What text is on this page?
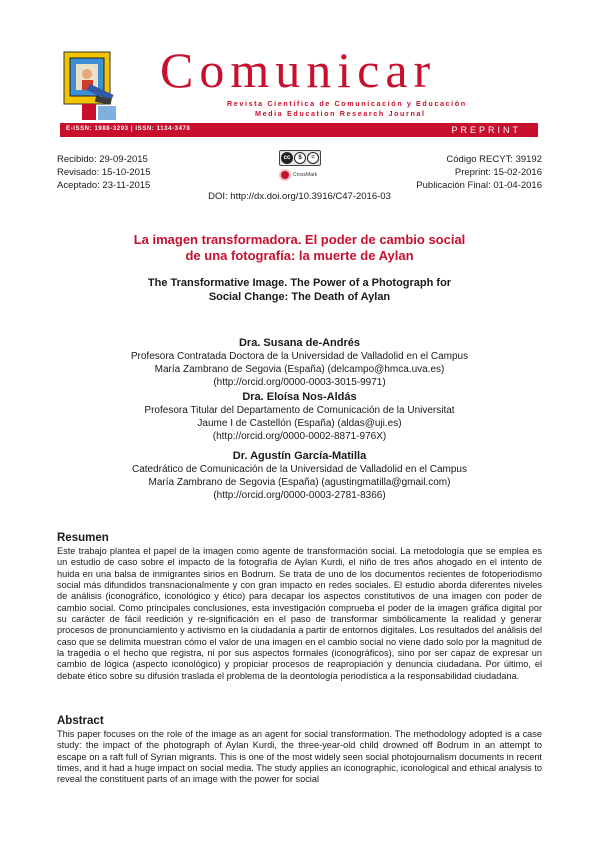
Comunicar
Revista Científica de Comunicación y Educación
Media Education Research Journal
E-ISSN: 1988-3293 | ISSN: 1134-3478	PREPRINT
Recibido: 29-09-2015
Revisado: 15-10-2015
Aceptado: 23-11-2015
cc	$	=
CrossMark
Código RECYT: 39192
Preprint: 15-02-2016
Publicación Final: 01-04-2016
DOI: http://dx.doi.org/10.3916/C47-2016-03
La imagen transformadora. El poder de cambio social
de una fotografía: la muerte de Aylan
The Transformative Image. The Power of a Photograph for
Social Change: The Death of Aylan
Dra. Susana de-Andrés
Profesora Contratada Doctora de la Universidad de Valladolid en el Campus
María Zambrano de Segovia (España) (delcampo@hmca.uva.es)
(http://orcid.org/0000-0003-3015-9971)
Dra. Eloísa Nos-Aldás
Profesora Titular del Departamento de Comunicación de la Universitat
Jaume I de Castellón (España) (aldas@uji.es)
(http://orcid.org/0000-0002-8871-976X)
Dr. Agustín García-Matilla
Catedrático de Comunicación de la Universidad de Valladolid en el Campus
María Zambrano de Segovia (España) (agustingmatilla@gmail.com)
(http://orcid.org/0000-0003-2781-8366)
Resumen
Este trabajo plantea el papel de la imagen como agente de transformación social. La metodología que se emplea es un estudio de caso sobre el impacto de la fotografía de Aylan Kurdi, el niño de tres años ahogado en el intento de huida en una balsa de inmigrantes sirios en Bodrum. Se trata de uno de los documentos recientes de fotoperiodismo social más difundidos transnacionalmente y con gran impacto en redes sociales. El estudio aborda diferentes niveles de análisis (iconográfico, iconológico y ético) para decapar los aspectos constitutivos de una imagen con poder de cambio social. Como principales conclusiones, esta investigación comprueba el poder de la imagen gráfica digital por su carácter de fácil reedición y re-significación en el paso de transformar simbólicamente la realidad y generar procesos de pronunciamiento y activismo en la ciudadanía a partir de entornos digitales. Los resultados del análisis del caso que se delimita muestran cómo el valor de una imagen en el cambio social no viene dado solo por la magnitud de la tragedia o el hecho que registra, ni por sus aspectos formales (iconográficos), sino por ser capaz de expresar un cambio de lógica (aspecto iconológico) y propiciar procesos de reapropiación y denuncia ciudadana. Por último, el debate ético sobre su difusión traslada el problema de la deontología periodística a la responsabilidad ciudadana.
Abstract
This paper focuses on the role of the image as an agent for social transformation. The methodology adopted is a case study: the impact of the photograph of Aylan Kurdi, the three-year-old child drowned off Bodrum in an attempt to escape on a raft full of Syrian migrants. This is one of the most widely seen social photojournalism documents in recent times, and it had a huge impact on social media. The study applies an iconographic, iconological and ethical analysis to reveal the constituent parts of an image with the power for social
